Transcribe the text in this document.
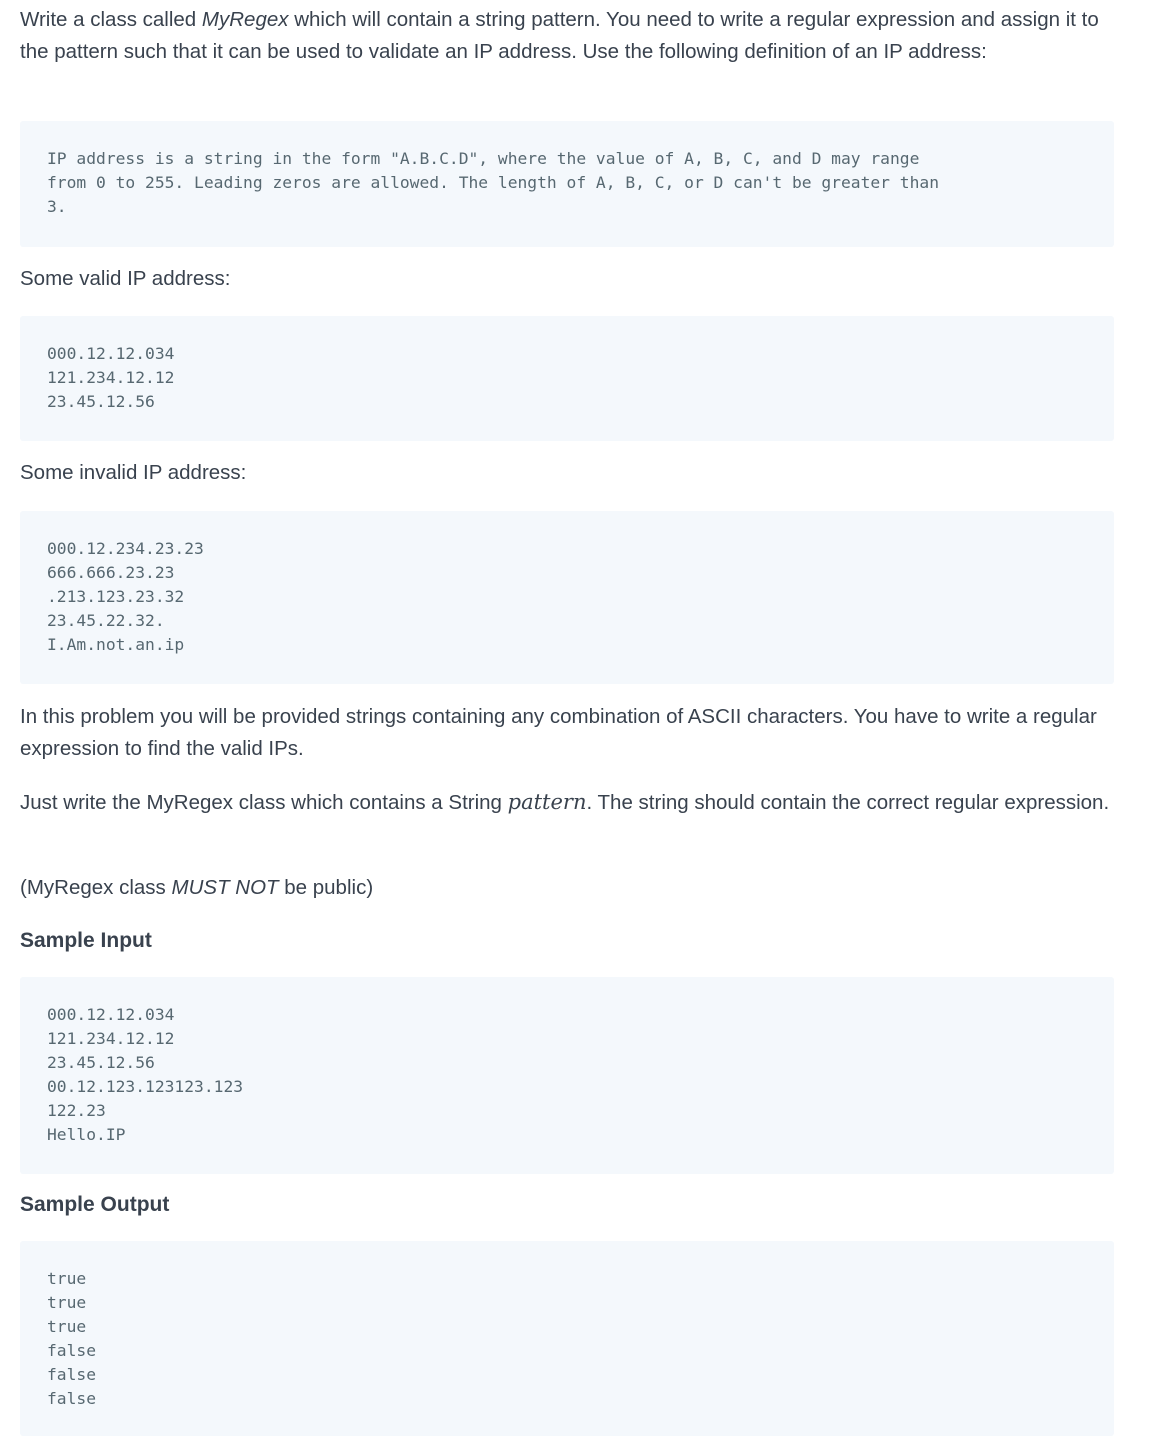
Write a class called MyRegex which will contain a string pattern. You need to write a regular expression and assign it to the pattern such that it can be used to validate an IP address. Use the following definition of an IP address:

IP address is a string in the form "A.B.C.D", where the value of A, B, C, and D may range
from 0 to 255. Leading zeros are allowed. The length of A, B, C, or D can't be greater than
3.

Some valid IP address:

000.12.12.034
121.234.12.12
23.45.12.56

Some invalid IP address:

000.12.234.23.23
666.666.23.23
.213.123.23.32
23.45.22.32.
I.Am.not.an.ip

In this problem you will be provided strings containing any combination of ASCII characters. You have to write a regular expression to find the valid IPs.

Just write the MyRegex class which contains a String pattern. The string should contain the correct regular expression.

(MyRegex class MUST NOT be public)

Sample Input

000.12.12.034
121.234.12.12
23.45.12.56
00.12.123.123123.123
122.23
Hello.IP

Sample Output

true
true
true
false
false
false
